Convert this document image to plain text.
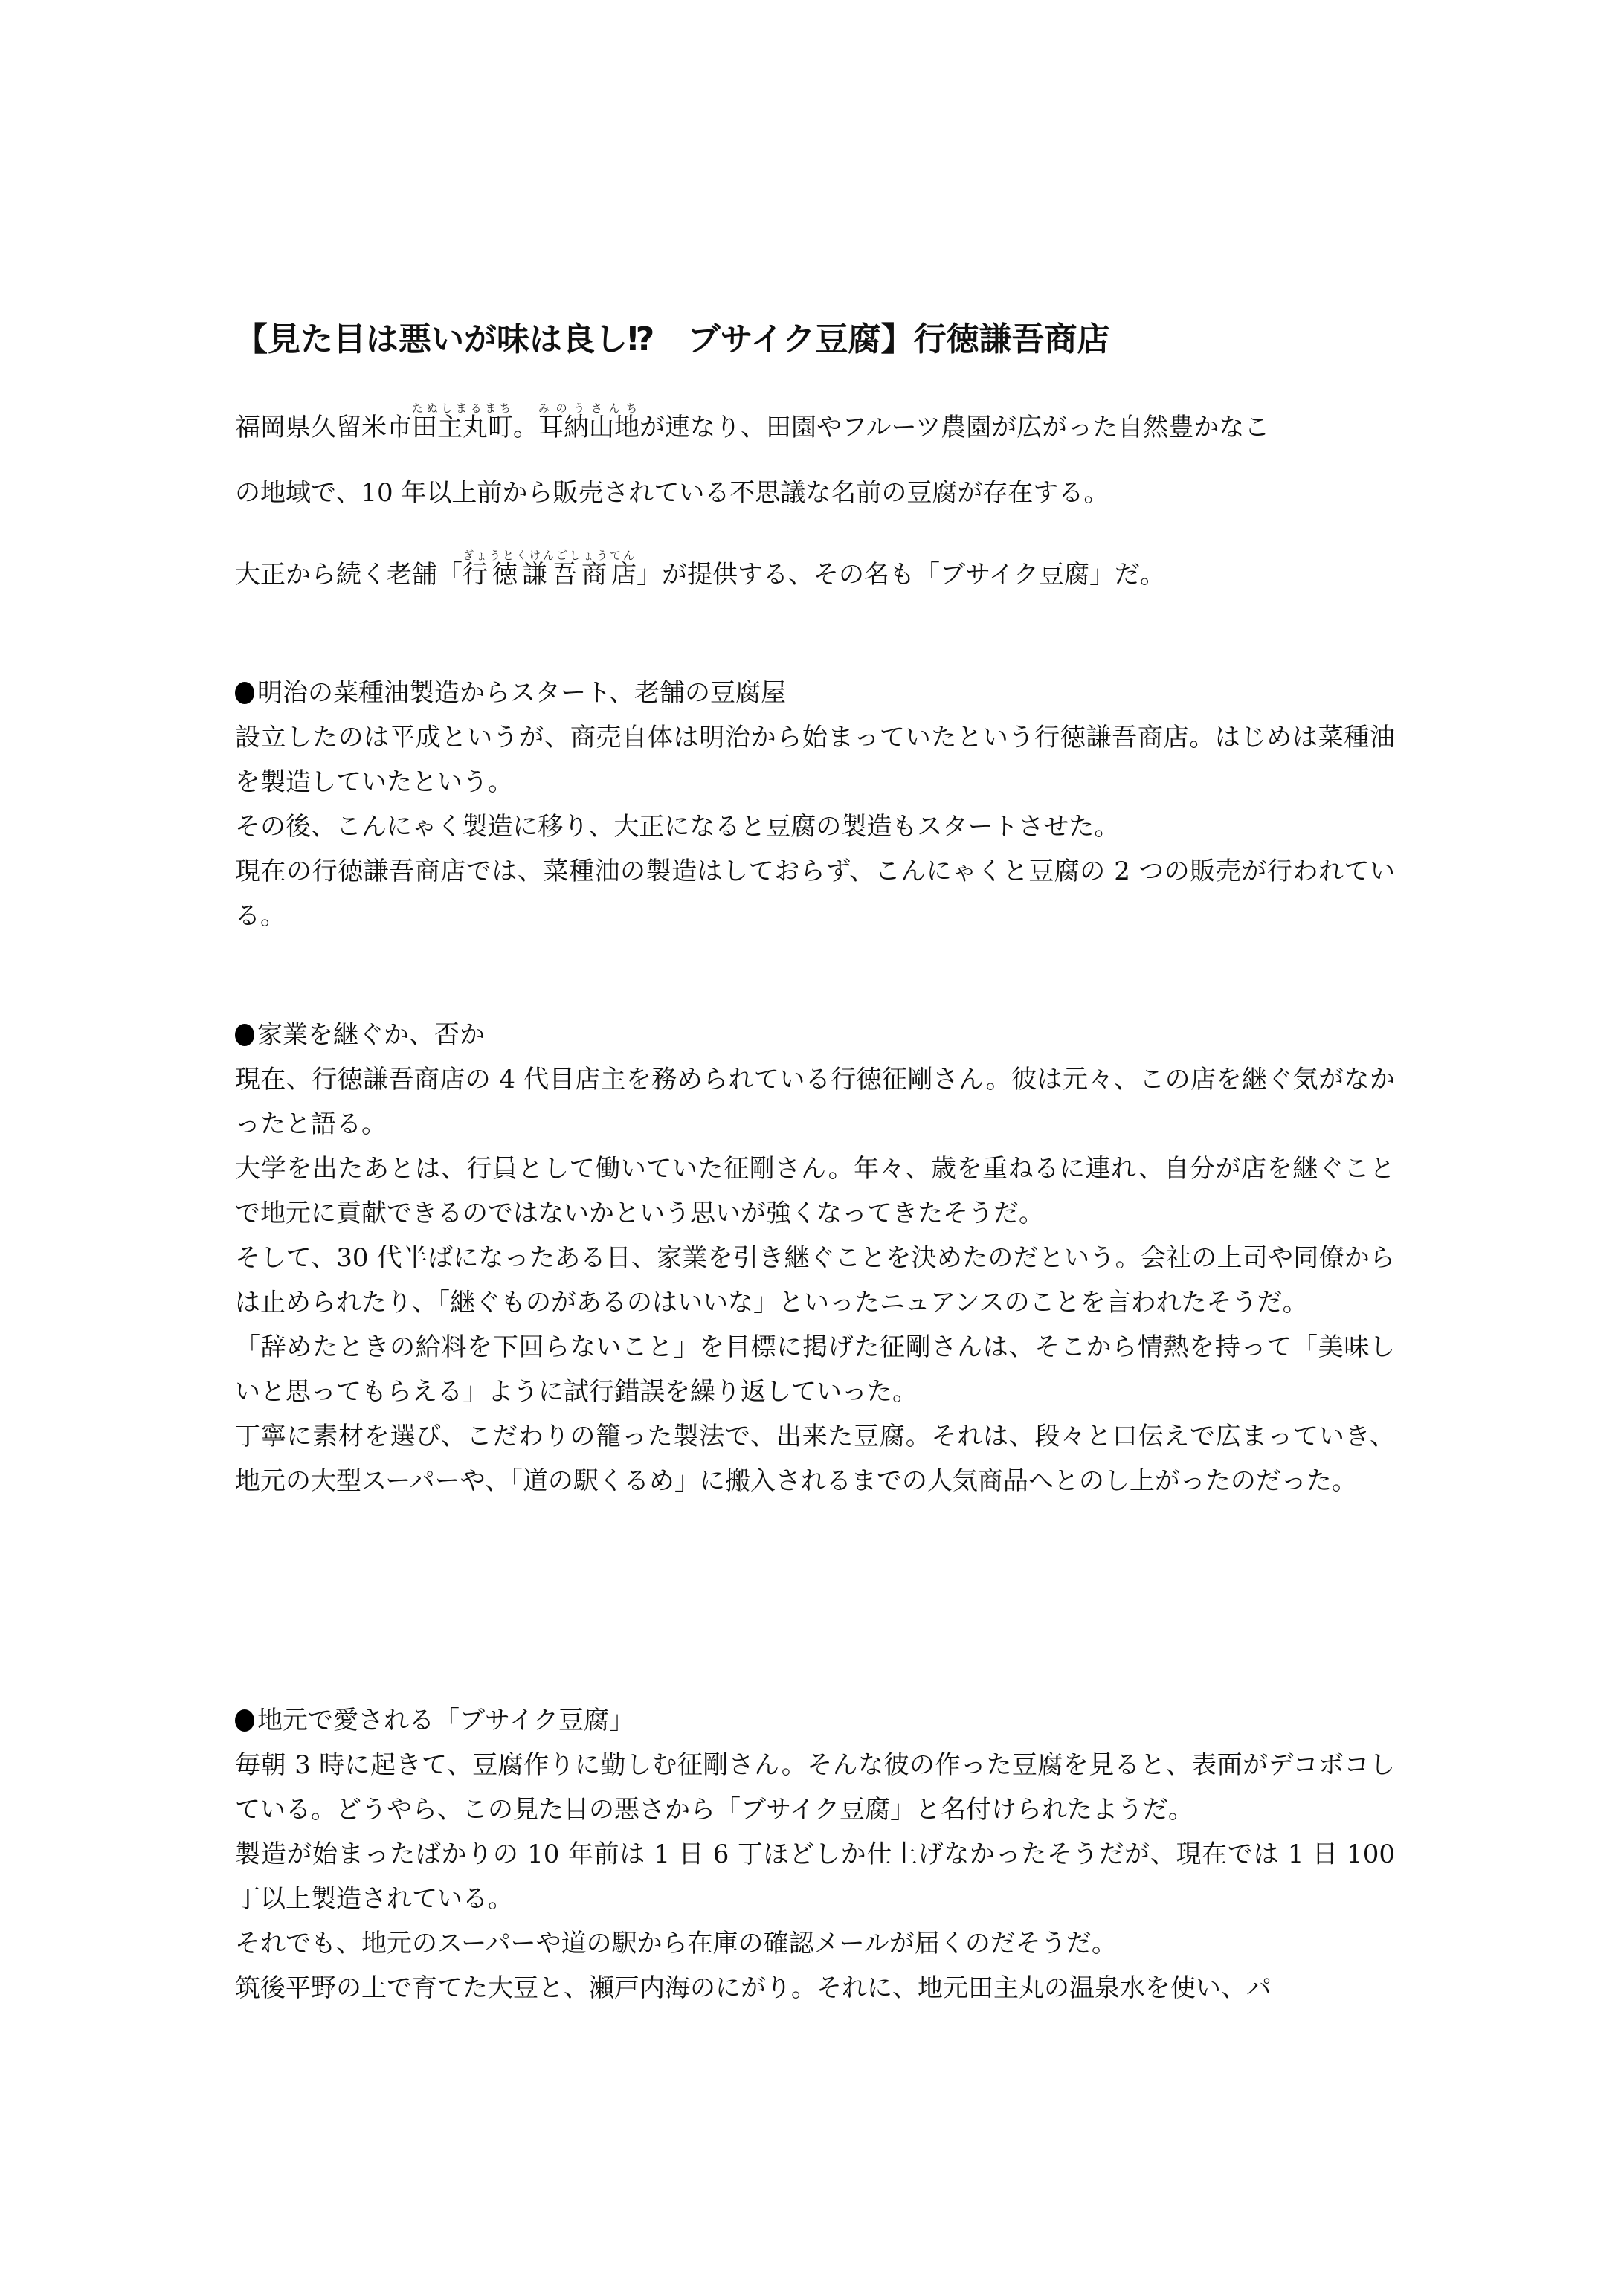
【見た目は悪いが味は良し⁉　ブサイク豆腐】行徳謙吾商店
福岡県久留米市田主丸町たぬしまるまち。耳納山地みのうさんちが連なり、田園やフルーツ農園が広がった自然豊かなこ
の地域で、10 年以上前から販売されている不思議な名前の豆腐が存在する。
大正から続く老舗「行徳謙吾商店ぎょうとくけんごしょうてん」が提供する、その名も「ブサイク豆腐」だ。
明治の菜種油製造からスタート、老舗の豆腐屋
設立したのは平成というが、商売自体は明治から始まっていたという行徳謙吾商店。はじめは菜種油を製造していたという。
その後、こんにゃく製造に移り、大正になると豆腐の製造もスタートさせた。
現在の行徳謙吾商店では、菜種油の製造はしておらず、こんにゃくと豆腐の 2 つの販売が行われている。
家業を継ぐか、否か
現在、行徳謙吾商店の 4 代目店主を務められている行徳征剛さん。彼は元々、この店を継ぐ気がなかったと語る。
大学を出たあとは、行員として働いていた征剛さん。年々、歳を重ねるに連れ、自分が店を継ぐことで地元に貢献できるのではないかという思いが強くなってきたそうだ。
そして、30 代半ばになったある日、家業を引き継ぐことを決めたのだという。会社の上司や同僚からは止められたり、「継ぐものがあるのはいいな」といったニュアンスのことを言われたそうだ。
「辞めたときの給料を下回らないこと」を目標に掲げた征剛さんは、そこから情熱を持って「美味しいと思ってもらえる」ように試行錯誤を繰り返していった。
丁寧に素材を選び、こだわりの籠った製法で、出来た豆腐。それは、段々と口伝えで広まっていき、地元の大型スーパーや、「道の駅くるめ」に搬入されるまでの人気商品へとのし上がったのだった。
地元で愛される「ブサイク豆腐」
毎朝 3 時に起きて、豆腐作りに勤しむ征剛さん。そんな彼の作った豆腐を見ると、表面がデコボコしている。どうやら、この見た目の悪さから「ブサイク豆腐」と名付けられたようだ。
製造が始まったばかりの 10 年前は 1 日 6 丁ほどしか仕上げなかったそうだが、現在では 1 日 100 丁以上製造されている。
それでも、地元のスーパーや道の駅から在庫の確認メールが届くのだそうだ。
筑後平野の土で育てた大豆と、瀬戸内海のにがり。それに、地元田主丸の温泉水を使い、パ
